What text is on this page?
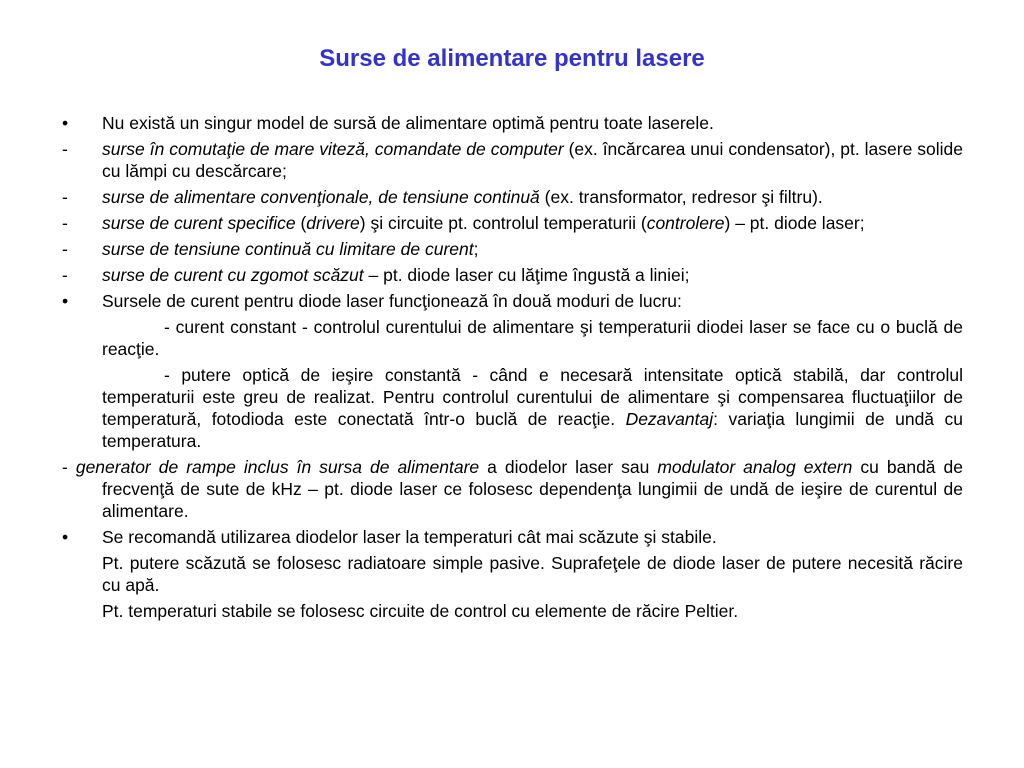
Surse de alimentare pentru lasere
• Nu există un singur model de sursă de alimentare optimă pentru toate laserele.
- surse în comutaţie de mare viteză, comandate de computer (ex. încărcarea unui condensator), pt. lasere solide cu lămpi cu descărcare;
- surse de alimentare convenţionale, de tensiune continuă (ex. transformator, redresor şi filtru).
- surse de curent specifice (drivere) şi circuite pt. controlul temperaturii (controlere) – pt. diode laser;
- surse de tensiune continuă cu limitare de curent;
- surse de curent cu zgomot scăzut – pt. diode laser cu lăţime îngustă a liniei;
• Sursele de curent pentru diode laser funcţionează în două moduri de lucru:
- curent constant - controlul curentului de alimentare şi temperaturii diodei laser se face cu o buclă de reacţie.
- putere optică de ieşire constantă - când e necesară intensitate optică stabilă, dar controlul temperaturii este greu de realizat. Pentru controlul curentului de alimentare şi compensarea fluctuaţiilor de temperatură, fotodioda este conectată într-o buclă de reacţie. Dezavantaj: variaţia lungimii de undă cu temperatura.
- generator de rampe inclus în sursa de alimentare a diodelor laser sau modulator analog extern cu bandă de frecvenţă de sute de kHz – pt. diode laser ce folosesc dependenţa lungimii de undă de ieşire de curentul de alimentare.
• Se recomandă utilizarea diodelor laser la temperaturi cât mai scăzute şi stabile.
Pt. putere scăzută se folosesc radiatoare simple pasive. Suprafeţele de diode laser de putere necesită răcire cu apă.
Pt. temperaturi stabile se folosesc circuite de control cu elemente de răcire Peltier.
